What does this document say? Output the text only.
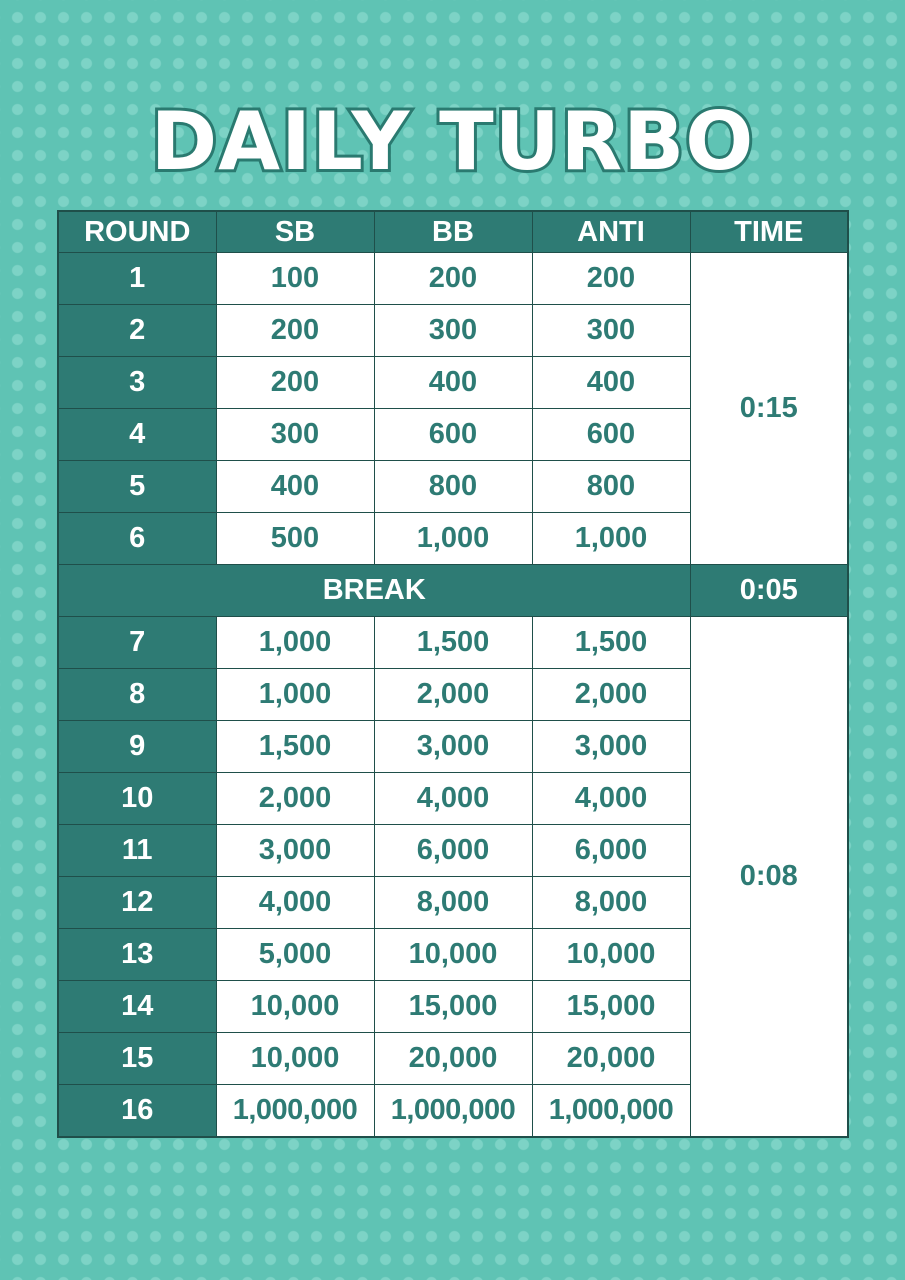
DAILY TURBO
ROUND	SB	BB	ANTI	TIME
1	100	200	200	0:15
2	200	300	300	
3	200	400	400	
4	300	600	600	
5	400	800	800	
6	500	1,000	1,000	
BREAK				0:05
7	1,000	1,500	1,500	0:08
8	1,000	2,000	2,000	
9	1,500	3,000	3,000	
10	2,000	4,000	4,000	
11	3,000	6,000	6,000	
12	4,000	8,000	8,000	
13	5,000	10,000	10,000	
14	10,000	15,000	15,000	
15	10,000	20,000	20,000	
16	1,000,000	1,000,000	1,000,000	
